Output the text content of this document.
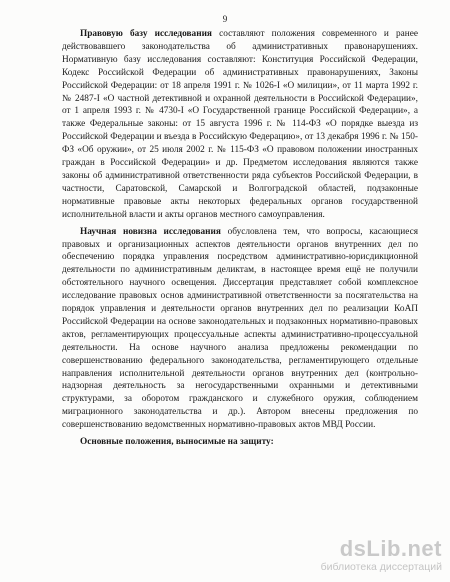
9

Правовую базу исследования составляют положения современного и ранее действовавшего законодательства об административных правонарушениях. Нормативную базу исследования составляют: Конституция Российской Федерации, Кодекс Российской Федерации об административных правонарушениях, Законы Российской Федерации: от 18 апреля 1991 г. № 1026-I «О милиции», от 11 марта 1992 г. № 2487-I «О частной детективной и охранной деятельности в Российской Федерации», от 1 апреля 1993 г. № 4730-I «О Государственной границе Российской Федерации», а также Федеральные законы: от 15 августа 1996 г. № 114-ФЗ «О порядке выезда из Российской Федерации и въезда в Российскую Федерацию», от 13 декабря 1996 г. № 150-ФЗ «Об оружии», от 25 июля 2002 г. № 115-ФЗ «О правовом положении иностранных граждан в Российской Федерации» и др. Предметом исследования являются также законы об административной ответственности ряда субъектов Российской Федерации, в частности, Саратовской, Самарской и Волгоградской областей, подзаконные нормативные правовые акты некоторых федеральных органов государственной исполнительной власти и акты органов местного самоуправления.

Научная новизна исследования обусловлена тем, что вопросы, касающиеся правовых и организационных аспектов деятельности органов внутренних дел по обеспечению порядка управления посредством административно-юрисдикционной деятельности по административным деликтам, в настоящее время ещё не получили обстоятельного научного освещения. Диссертация представляет собой комплексное исследование правовых основ административной ответственности за посягательства на порядок управления и деятельности органов внутренних дел по реализации КоАП Российской Федерации на основе законодательных и подзаконных нормативно-правовых актов, регламентирующих процессуальные аспекты административно-процессуальной деятельности. На основе научного анализа предложены рекомендации по совершенствованию федерального законодательства, регламентирующего отдельные направления исполнительной деятельности органов внутренних дел (контрольно-надзорная деятельность за негосударственными охранными и детективными структурами, за оборотом гражданского и служебного оружия, соблюдением миграционного законодательства и др.). Автором внесены предложения по совершенствованию ведомственных нормативно-правовых актов МВД России.

Основные положения, выносимые на защиту:

dsLib.net
библиотека диссертаций
